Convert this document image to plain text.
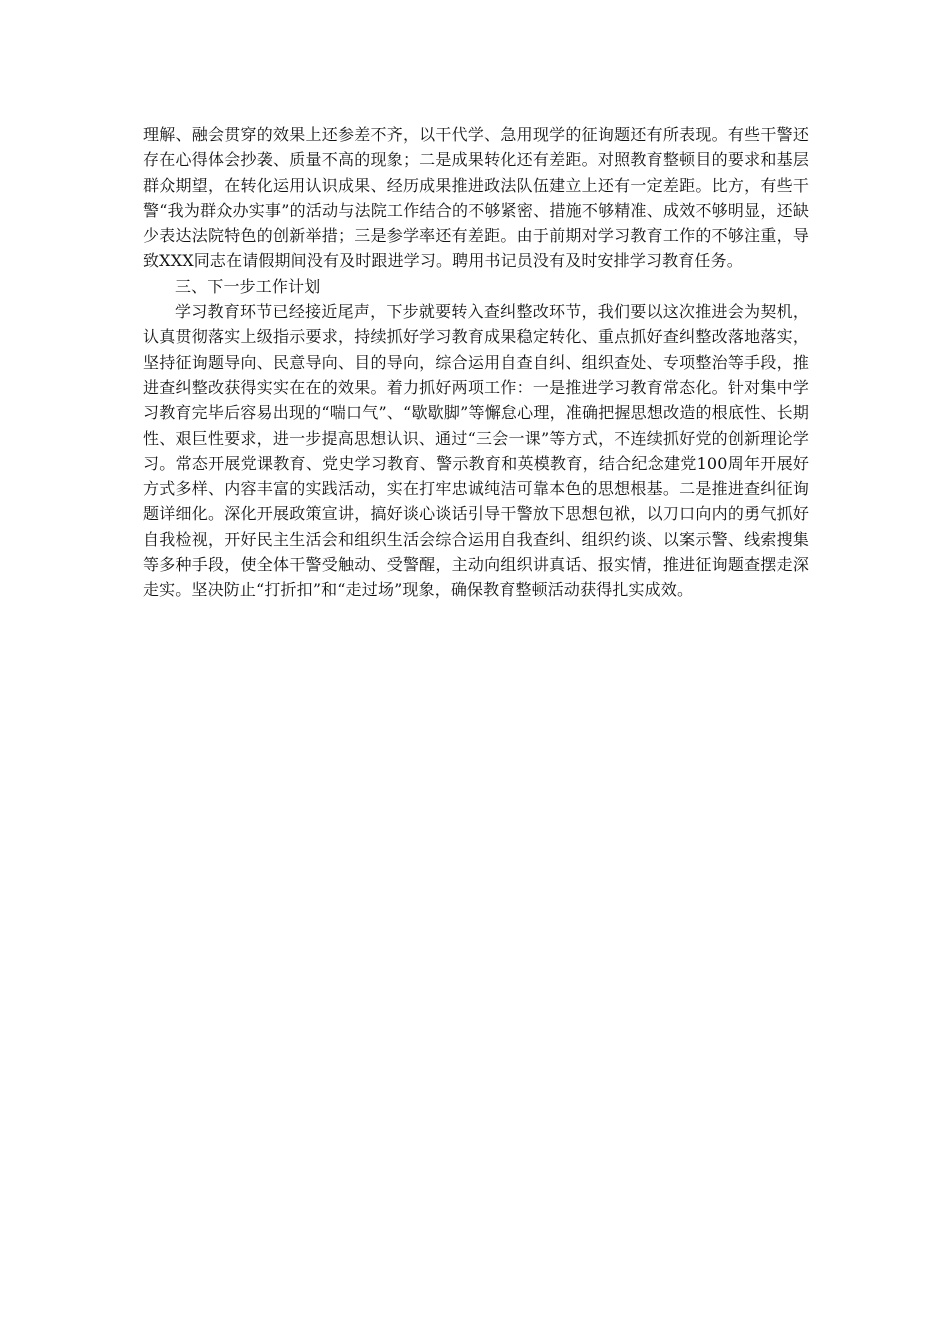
理解、融会贯穿的效果上还参差不齐，以干代学、急用现学的征询题还有所表现。有些干警还存在心得体会抄袭、质量不高的现象；二是成果转化还有差距。对照教育整顿目的要求和基层群众期望，在转化运用认识成果、经历成果推进政法队伍建立上还有一定差距。比方，有些干警“我为群众办实事”的活动与法院工作结合的不够紧密、措施不够精准、成效不够明显，还缺少表达法院特色的创新举措；三是参学率还有差距。由于前期对学习教育工作的不够注重，导致XXX同志在请假期间没有及时跟进学习。聘用书记员没有及时安排学习教育任务。

三、下一步工作计划

学习教育环节已经接近尾声，下步就要转入查纠整改环节，我们要以这次推进会为契机，认真贯彻落实上级指示要求，持续抓好学习教育成果稳定转化、重点抓好查纠整改落地落实，坚持征询题导向、民意导向、目的导向，综合运用自查自纠、组织查处、专项整治等手段，推进查纠整改获得实实在在的效果。着力抓好两项工作：一是推进学习教育常态化。针对集中学习教育完毕后容易出现的“喘口气”、“歇歇脚”等懈怠心理，准确把握思想改造的根底性、长期性、艰巨性要求，进一步提高思想认识、通过“三会一课”等方式，不连续抓好党的创新理论学习。常态开展党课教育、党史学习教育、警示教育和英模教育，结合纪念建党100周年开展好方式多样、内容丰富的实践活动，实在打牢忠诚纯洁可靠本色的思想根基。二是推进查纠征询题详细化。深化开展政策宣讲，搞好谈心谈话引导干警放下思想包袱，以刀口向内的勇气抓好自我检视，开好民主生活会和组织生活会综合运用自我查纠、组织约谈、以案示警、线索搜集等多种手段，使全体干警受触动、受警醒，主动向组织讲真话、报实情，推进征询题查摆走深走实。坚决防止“打折扣”和“走过场”现象，确保教育整顿活动获得扎实成效。
